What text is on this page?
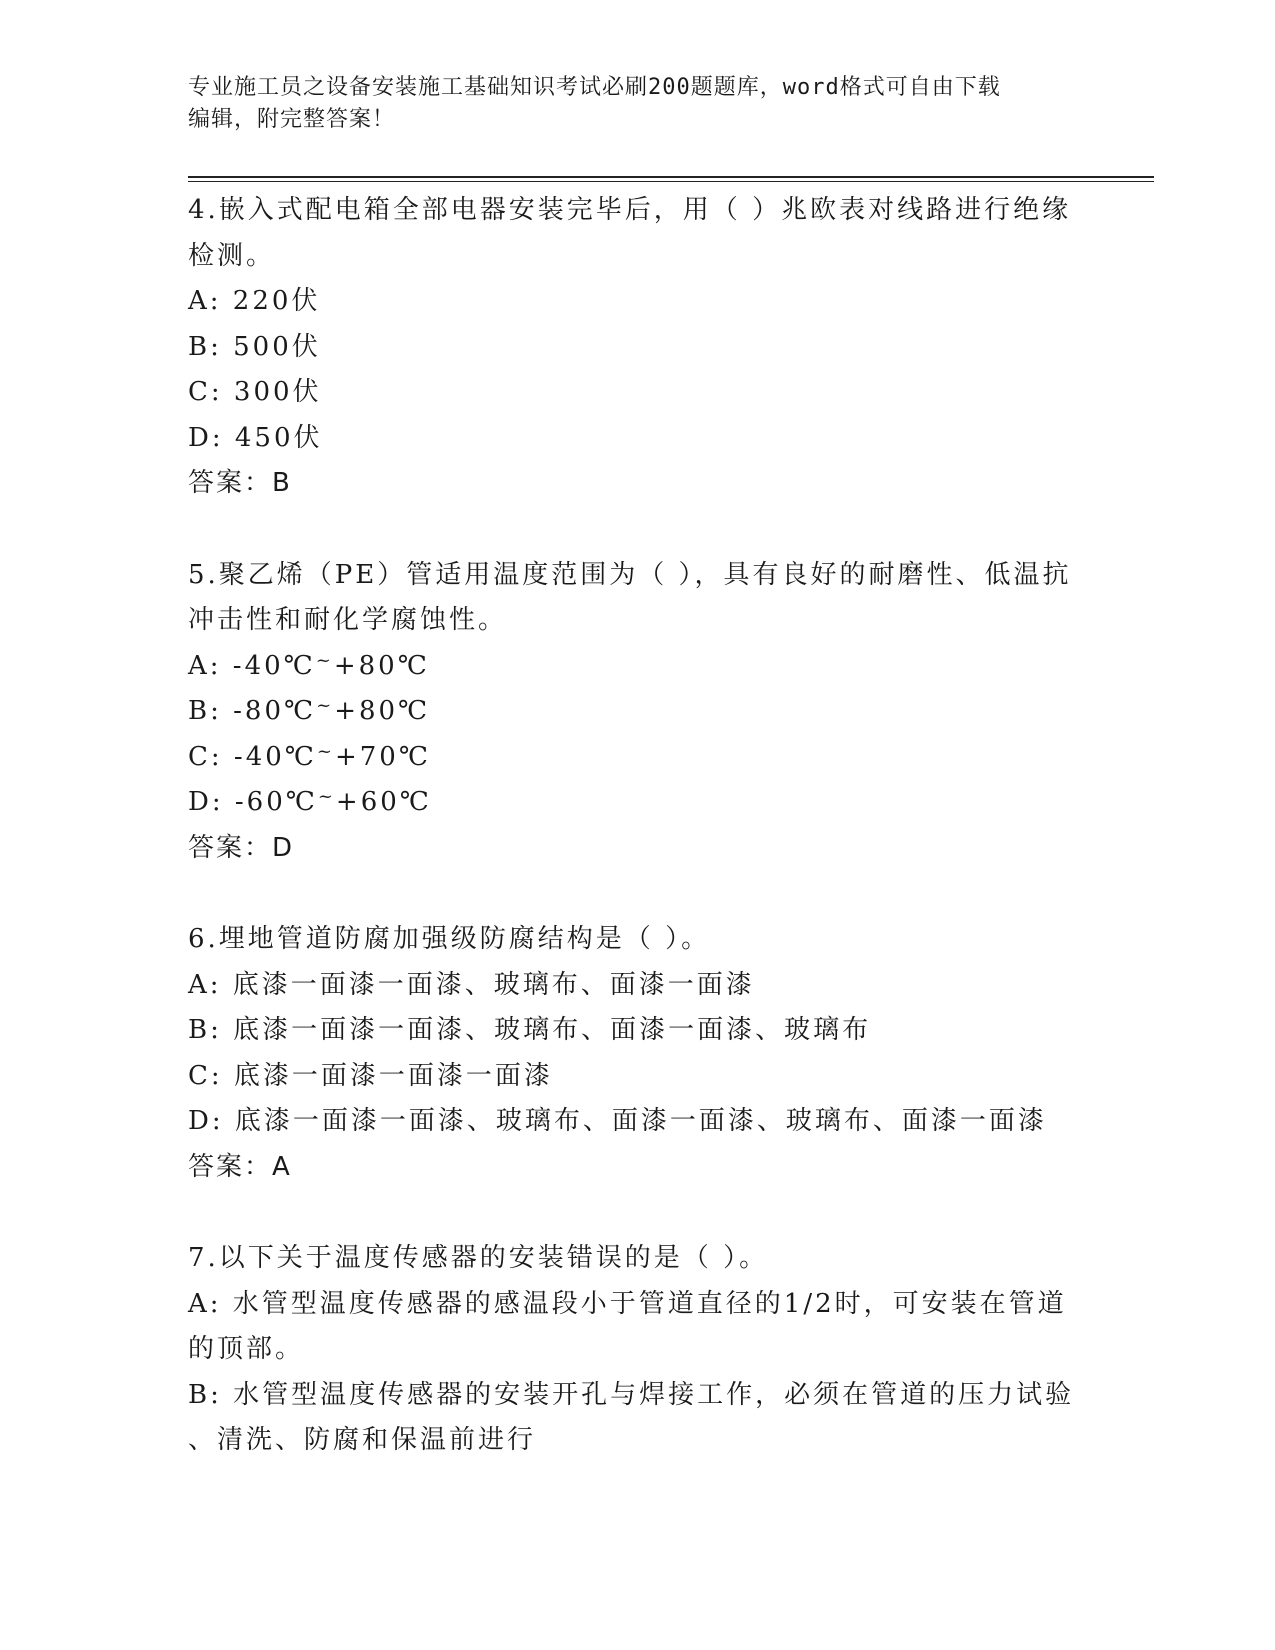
专业施工员之设备安装施工基础知识考试必刷200题题库，word格式可自由下载
编辑，附完整答案！
4.嵌入式配电箱全部电器安装完毕后，用（ ）兆欧表对线路进行绝缘
检测。
A: 220伏
B: 500伏
C: 300伏
D: 450伏
答案：B
5.聚乙烯（PE）管适用温度范围为（ ），具有良好的耐磨性、低温抗
冲击性和耐化学腐蚀性。
A: -40℃~+80℃
B: -80℃~+80℃
C: -40℃~+70℃
D: -60℃~+60℃
答案：D
6.埋地管道防腐加强级防腐结构是（ ）。
A: 底漆一面漆一面漆、玻璃布、面漆一面漆
B: 底漆一面漆一面漆、玻璃布、面漆一面漆、玻璃布
C: 底漆一面漆一面漆一面漆
D: 底漆一面漆一面漆、玻璃布、面漆一面漆、玻璃布、面漆一面漆
答案：A
7.以下关于温度传感器的安装错误的是（ ）。
A: 水管型温度传感器的感温段小于管道直径的1/2时，可安装在管道
的顶部。
B: 水管型温度传感器的安装开孔与焊接工作，必须在管道的压力试验
、清洗、防腐和保温前进行
